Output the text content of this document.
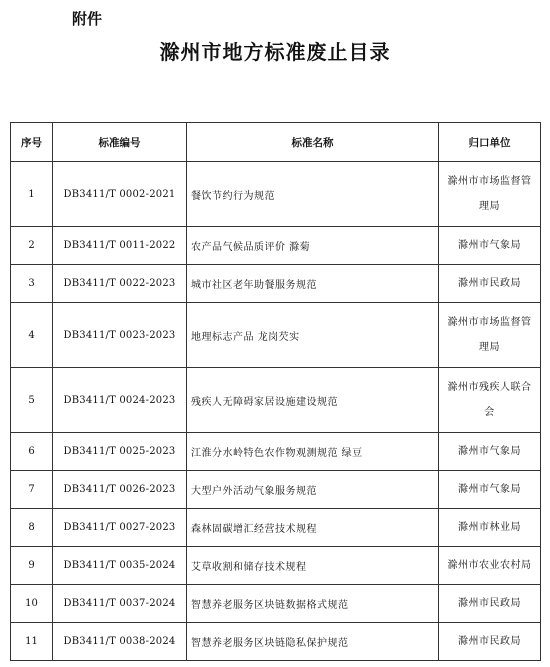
附件
滁州市地方标准废止目录
序号	标准编号	标准名称	归口单位
1	DB3411/T 0002-2021	餐饮节约行为规范	滁州市市场监督管理局
2	DB3411/T 0011-2022	农产品气候品质评价 滁菊	滁州市气象局
3	DB3411/T 0022-2023	城市社区老年助餐服务规范	滁州市民政局
4	DB3411/T 0023-2023	地理标志产品 龙岗芡实	滁州市市场监督管理局
5	DB3411/T 0024-2023	残疾人无障碍家居设施建设规范	滁州市残疾人联合会
6	DB3411/T 0025-2023	江淮分水岭特色农作物观测规范 绿豆	滁州市气象局
7	DB3411/T 0026-2023	大型户外活动气象服务规范	滁州市气象局
8	DB3411/T 0027-2023	森林固碳增汇经营技术规程	滁州市林业局
9	DB3411/T 0035-2024	艾草收割和储存技术规程	滁州市农业农村局
10	DB3411/T 0037-2024	智慧养老服务区块链数据格式规范	滁州市民政局
11	DB3411/T 0038-2024	智慧养老服务区块链隐私保护规范	滁州市民政局
